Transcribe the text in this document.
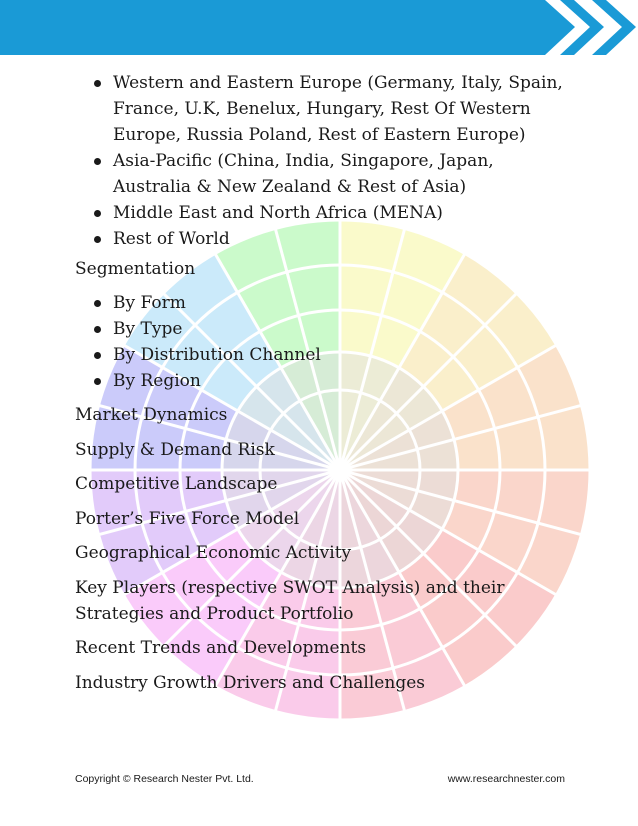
Western and Eastern Europe (Germany, Italy, Spain, France, U.K, Benelux, Hungary, Rest Of Western Europe, Russia Poland, Rest of Eastern Europe)
Asia-Pacific (China, India, Singapore, Japan, Australia & New Zealand & Rest of Asia)
Middle East and North Africa (MENA)
Rest of World

Segmentation

By Form
By Type
By Distribution Channel
By Region

Market Dynamics

Supply & Demand Risk

Competitive Landscape

Porter’s Five Force Model

Geographical Economic Activity

Key Players (respective SWOT Analysis) and their Strategies and Product Portfolio

Recent Trends and Developments

Industry Growth Drivers and Challenges

Copyright © Research Nester Pvt. Ltd.	www.researchnester.com
